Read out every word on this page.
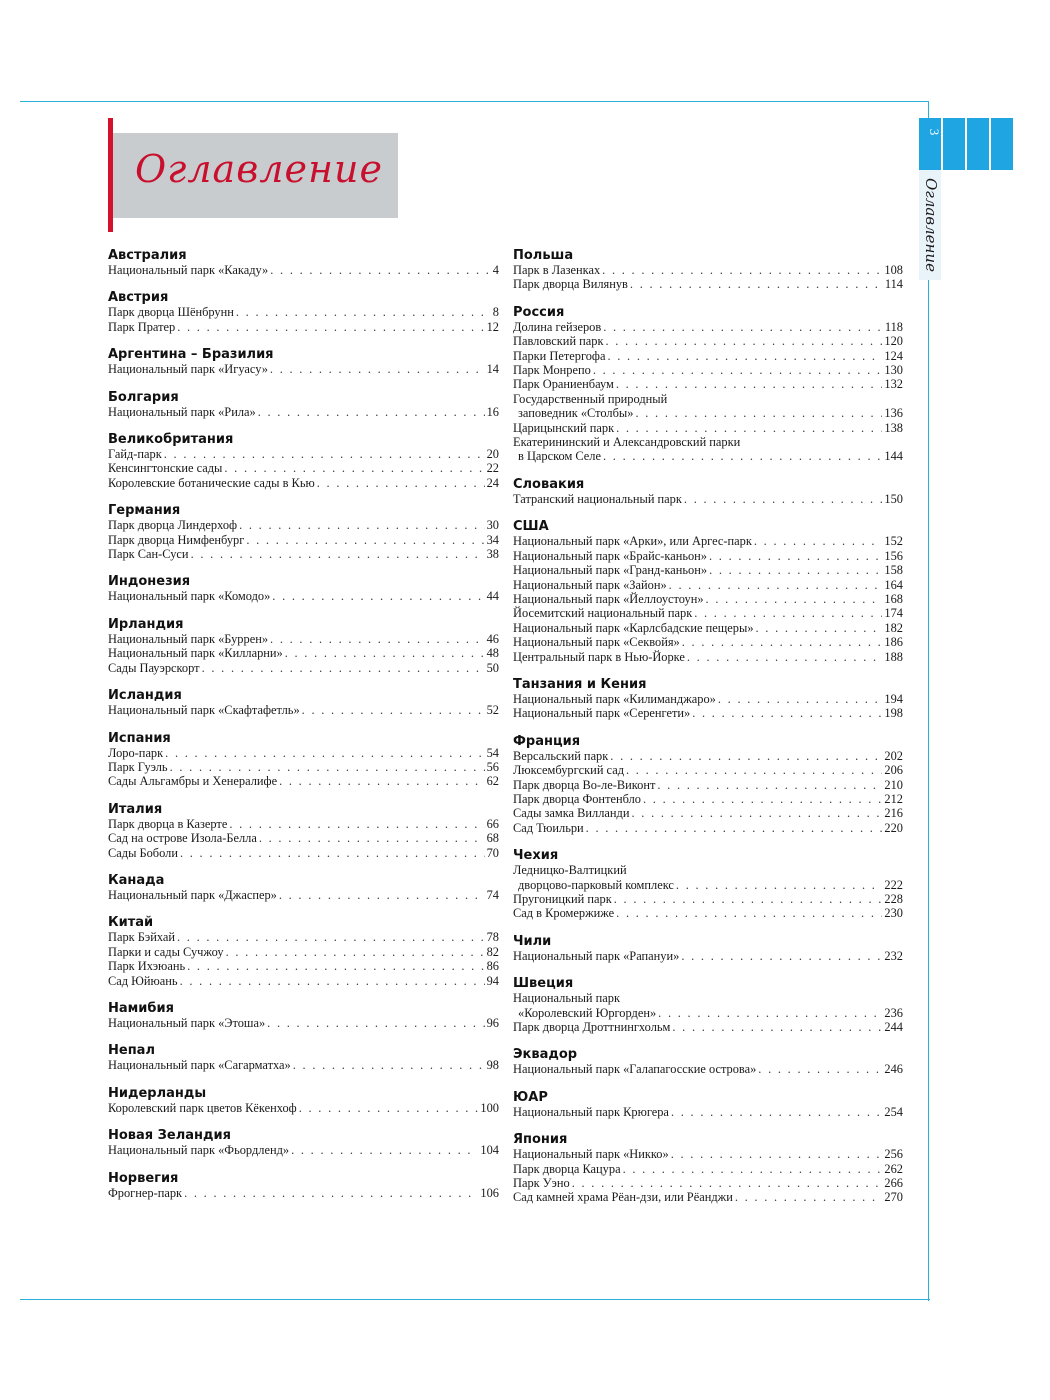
Оглавление
3
Оглавление
Австралия
Национальный парк «Какаду» . . .	4
Австрия
Парк дворца Шёнбрунн . . .	8
Парк Пратер . . .	12
Аргентина – Бразилия
Национальный парк «Игуасу» . . .	14
Болгария
Национальный парк «Рила» . . .	16
Великобритания
Гайд-парк . . .	20
Кенсингтонские сады . . .	22
Королевские ботанические сады в Кью . . .	24
Германия
Парк дворца Линдерхоф . . .	30
Парк дворца Нимфенбург . . .	34
Парк Сан-Суси . . .	38
Индонезия
Национальный парк «Комодо» . . .	44
Ирландия
Национальный парк «Буррен» . . .	46
Национальный парк «Килларни» . . .	48
Сады Пауэрскорт . . .	50
Исландия
Национальный парк «Скафтафетль» . . .	52
Испания
Лоро-парк . . .	54
Парк Гуэль . . .	56
Сады Альгамбры и Хенералифе . . .	62
Италия
Парк дворца в Казерте . . .	66
Сад на острове Изола-Белла . . .	68
Сады Боболи . . .	70
Канада
Национальный парк «Джаспер» . . .	74
Китай
Парк Бэйхай . . .	78
Парки и сады Сучжоу . . .	82
Парк Ихэюань . . .	86
Сад Юйюань . . .	94
Намибия
Национальный парк «Этоша» . . .	96
Непал
Национальный парк «Сагарматха» . . .	98
Нидерланды
Королевский парк цветов Кёкенхоф . . .	100
Новая Зеландия
Национальный парк «Фьордленд» . . .	104
Норвегия
Фрогнер-парк . . .	106
Польша
Парк в Лазенках . . .	108
Парк дворца Вилянув . . .	114
Россия
Долина гейзеров . . .	118
Павловский парк . . .	120
Парки Петергофа . . .	124
Парк Монрепо . . .	130
Парк Ораниенбаум . . .	132
Государственный природный
заповедник «Столбы» . . .	136
Царицынский парк . . .	138
Екатерининский и Александровский парки
в Царском Селе . . .	144
Словакия
Татранский национальный парк . . .	150
США
Национальный парк «Арки», или Аргес-парк . . .	152
Национальный парк «Брайс-каньон» . . .	156
Национальный парк «Гранд-каньон» . . .	158
Национальный парк «Зайон» . . .	164
Национальный парк «Йеллоустоун» . . .	168
Йосемитский национальный парк . . .	174
Национальный парк «Карлсбадские пещеры» . . .	182
Национальный парк «Секвойя» . . .	186
Центральный парк в Нью-Йорке . . .	188
Танзания и Кения
Национальный парк «Килиманджаро» . . .	194
Национальный парк «Серенгети» . . .	198
Франция
Версальский парк . . .	202
Люксембургский сад . . .	206
Парк дворца Во-ле-Виконт . . .	210
Парк дворца Фонтенбло . . .	212
Сады замка Вилланди . . .	216
Сад Тюильри . . .	220
Чехия
Ледницко-Валтицкий
дворцово-парковый комплекс . . .	222
Пругоницкий парк . . .	228
Сад в Кромержиже . . .	230
Чили
Национальный парк «Рапануи» . . .	232
Швеция
Национальный парк
«Королевский Юргорден» . . .	236
Парк дворца Дроттнингхольм . . .	244
Эквадор
Национальный парк «Галапагосские острова» . . .	246
ЮАР
Национальный парк Крюгера . . .	254
Япония
Национальный парк «Никко» . . .	256
Парк дворца Кацура . . .	262
Парк Уэно . . .	266
Сад камней храма Рёан-дзи, или Рёанджи . . .	270
